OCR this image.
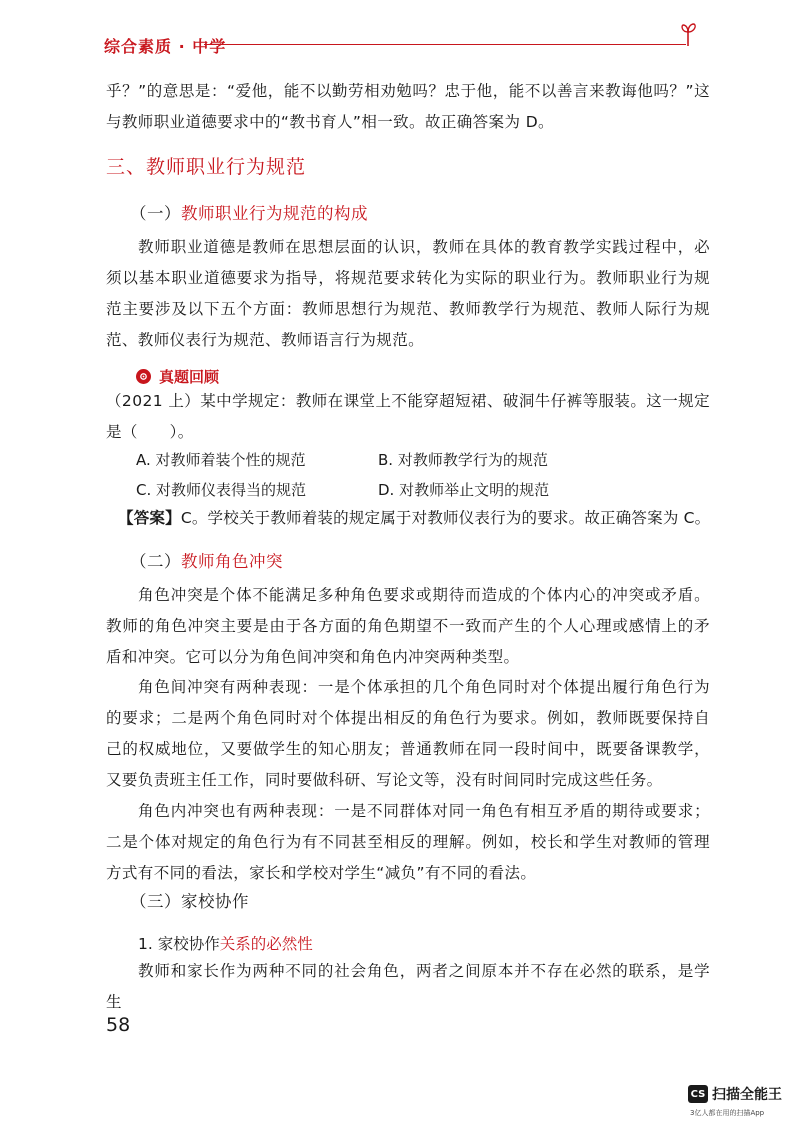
综合素质 · 中学
乎？”的意思是：“爱他，能不以勤劳相劝勉吗？忠于他，能不以善言来教诲他吗？”这与教师职业道德要求中的“教书育人”相一致。故正确答案为 D。
三、教师职业行为规范
（一）教师职业行为规范的构成
教师职业道德是教师在思想层面的认识，教师在具体的教育教学实践过程中，必须以基本职业道德要求为指导，将规范要求转化为实际的职业行为。教师职业行为规范主要涉及以下五个方面：教师思想行为规范、教师教学行为规范、教师人际行为规范、教师仪表行为规范、教师语言行为规范。
真题回顾
（2021 上）某中学规定：教师在课堂上不能穿超短裙、破洞牛仔裤等服装。这一规定是（　　）。
A. 对教师着装个性的规范	B. 对教师教学行为的规范
C. 对教师仪表得当的规范	D. 对教师举止文明的规范
【答案】C。学校关于教师着装的规定属于对教师仪表行为的要求。故正确答案为 C。
（二）教师角色冲突
角色冲突是个体不能满足多种角色要求或期待而造成的个体内心的冲突或矛盾。教师的角色冲突主要是由于各方面的角色期望不一致而产生的个人心理或感情上的矛盾和冲突。它可以分为角色间冲突和角色内冲突两种类型。
角色间冲突有两种表现：一是个体承担的几个角色同时对个体提出履行角色行为的要求；二是两个角色同时对个体提出相反的角色行为要求。例如，教师既要保持自己的权威地位，又要做学生的知心朋友；普通教师在同一段时间中，既要备课教学，又要负责班主任工作，同时要做科研、写论文等，没有时间同时完成这些任务。
角色内冲突也有两种表现：一是不同群体对同一角色有相互矛盾的期待或要求；二是个体对规定的角色行为有不同甚至相反的理解。例如，校长和学生对教师的管理方式有不同的看法，家长和学校对学生“减负”有不同的看法。
（三）家校协作
1. 家校协作关系的必然性
教师和家长作为两种不同的社会角色，两者之间原本并不存在必然的联系，是学生
58
CS 扫描全能王
3亿人都在用的扫描App
